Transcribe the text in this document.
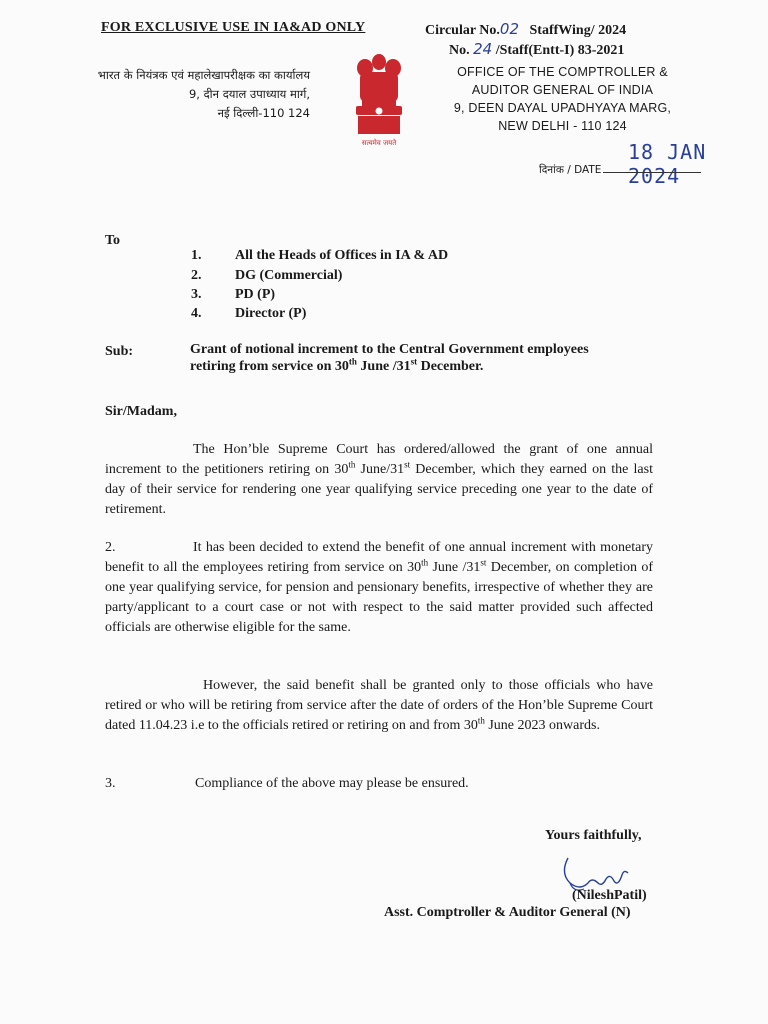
FOR EXCLUSIVE USE IN IA&AD ONLY	Circular No.02 StaffWing/ 2024
No. 24 /Staff(Entt-I) 83-2021
भारत के नियंत्रक एवं महालेखापरीक्षक का कार्यालय
9, दीन दयाल उपाध्याय मार्ग,
नई दिल्ली-110 124
सत्यमेव जयते
OFFICE OF THE COMPTROLLER &
AUDITOR GENERAL OF INDIA
9, DEEN DAYAL UPADHYAYA MARG,
NEW DELHI - 110 124
18 JAN 2024
दिनांक / DATE
To
1. All the Heads of Offices in IA & AD
2. DG (Commercial)
3. PD (P)
4. Director (P)
Sub:	Grant of notional increment to the Central Government employees
retiring from service on 30th June /31st December.
Sir/Madam,
The Hon’ble Supreme Court has ordered/allowed the grant of one annual increment to the petitioners retiring on 30th June/31st December, which they earned on the last day of their service for rendering one year qualifying service preceding one year to the date of retirement.
2.	It has been decided to extend the benefit of one annual increment with monetary benefit to all the employees retiring from service on 30th June /31st December, on completion of one year qualifying service, for pension and pensionary benefits, irrespective of whether they are party/applicant to a court case or not with respect to the said matter provided such affected officials are otherwise eligible for the same.
However, the said benefit shall be granted only to those officials who have retired or who will be retiring from service after the date of orders of the Hon’ble Supreme Court dated 11.04.23 i.e to the officials retired or retiring on and from 30th June 2023 onwards.
3.	Compliance of the above may please be ensured.
Yours faithfully,
(NileshPatil)
Asst. Comptroller & Auditor General (N)
